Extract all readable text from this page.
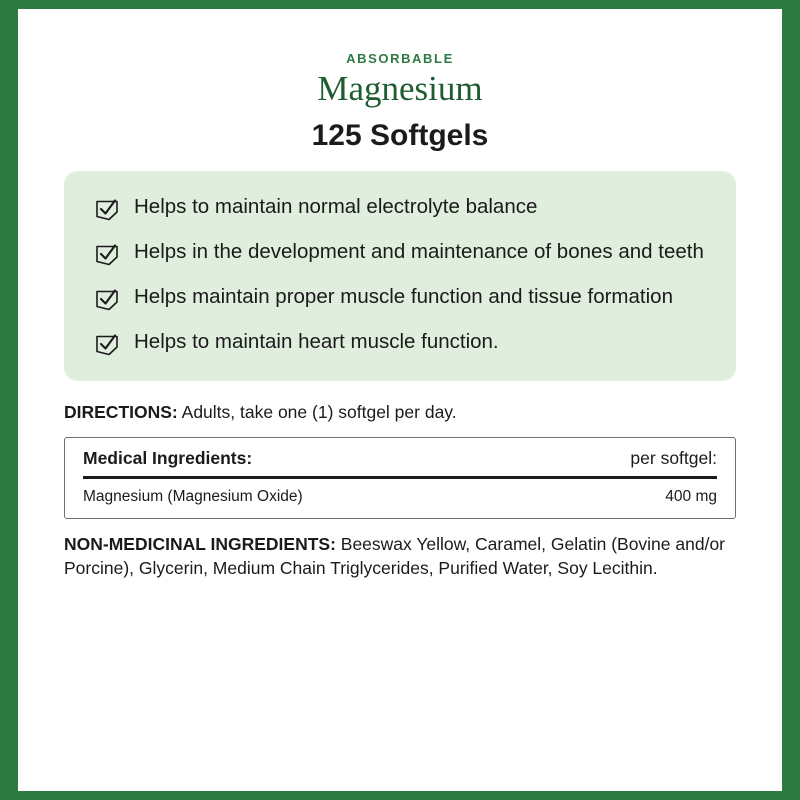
ABSORBABLE
Magnesium
125 Softgels
Helps to maintain normal electrolyte balance
Helps in the development and maintenance of bones and teeth
Helps maintain proper muscle function and tissue formation
Helps to maintain heart muscle function.
DIRECTIONS: Adults, take one (1) softgel per day.
Medical Ingredients:	per softgel:
Magnesium (Magnesium Oxide)	400 mg
NON-MEDICINAL INGREDIENTS: Beeswax Yellow, Caramel, Gelatin (Bovine and/or Porcine), Glycerin, Medium Chain Triglycerides, Purified Water, Soy Lecithin.
